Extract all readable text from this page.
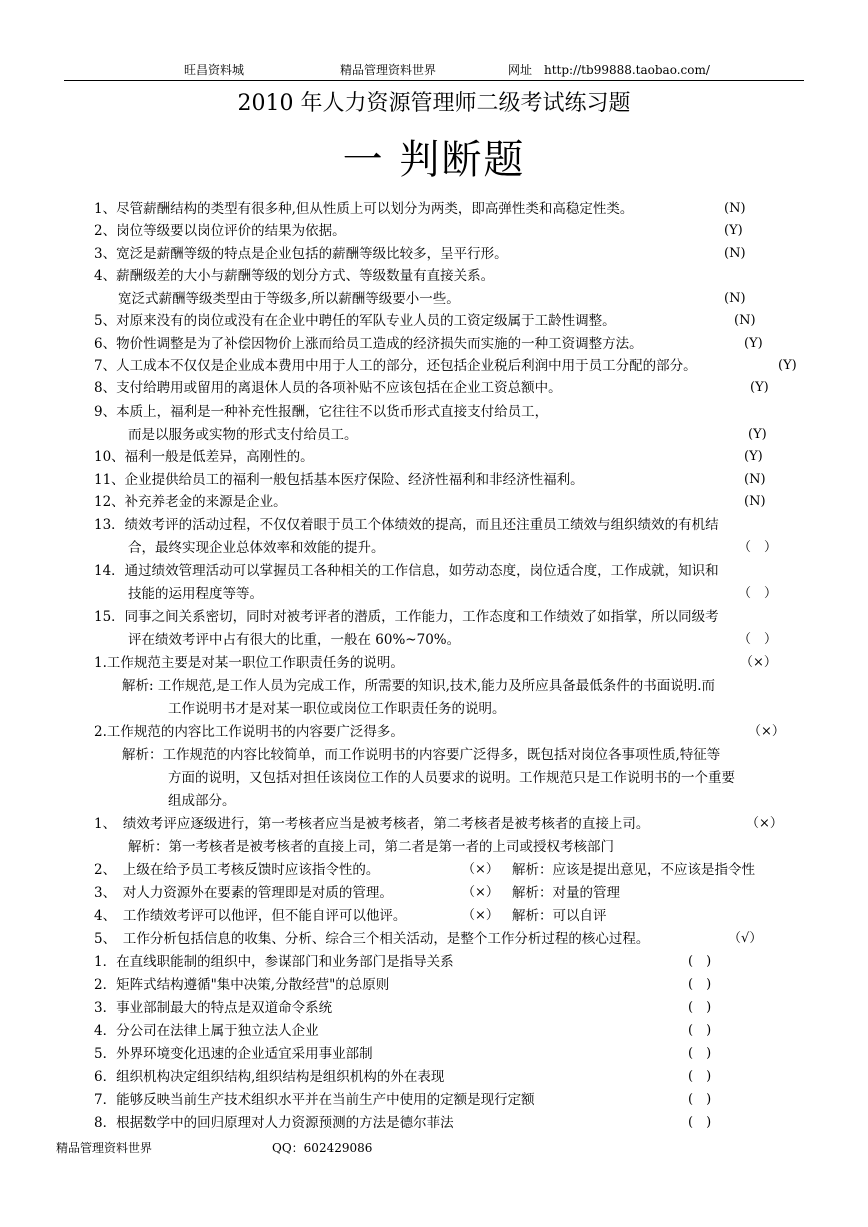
旺昌资料城	精品管理资料世界	网址 http://tb99888.taobao.com/
2010 年人力资源管理师二级考试练习题
一 判断题
1、尽管薪酬结构的类型有很多种,但从性质上可以划分为两类，即高弹性类和高稳定性类。	(N)
2、岗位等级要以岗位评价的结果为依据。	(Y)
3、宽泛是薪酬等级的特点是企业包括的薪酬等级比较多，呈平行形。	(N)
4、薪酬级差的大小与薪酬等级的划分方式、等级数量有直接关系。
宽泛式薪酬等级类型由于等级多,所以薪酬等级要小一些。	(N)
5、对原来没有的岗位或没有在企业中聘任的军队专业人员的工资定级属于工龄性调整。	(N)
6、物价性调整是为了补偿因物价上涨而给员工造成的经济损失而实施的一种工资调整方法。	(Y)
7、人工成本不仅仅是企业成本费用中用于人工的部分，还包括企业税后利润中用于员工分配的部分。	(Y)
8、支付给聘用或留用的离退休人员的各项补贴不应该包括在企业工资总额中。	(Y)
9、本质上，福利是一种补充性报酬，它往往不以货币形式直接支付给员工，
而是以服务或实物的形式支付给员工。	(Y)
10、福利一般是低差异，高刚性的。	(Y)
11、企业提供给员工的福利一般包括基本医疗保险、经济性福利和非经济性福利。	(N)
12、补充养老金的来源是企业。	(N)
13．绩效考评的活动过程，不仅仅着眼于员工个体绩效的提高，而且还注重员工绩效与组织绩效的有机结
合，最终实现企业总体效率和效能的提升。	（　）
14．通过绩效管理活动可以掌握员工各种相关的工作信息，如劳动态度，岗位适合度，工作成就，知识和
技能的运用程度等等。	（　）
15．同事之间关系密切，同时对被考评者的潜质，工作能力，工作态度和工作绩效了如指掌，所以同级考
评在绩效考评中占有很大的比重，一般在 60%~70%。	（　）
1.工作规范主要是对某一职位工作职责任务的说明。	（×）
解析: 工作规范,是工作人员为完成工作，所需要的知识,技术,能力及所应具备最低条件的书面说明.而
工作说明书才是对某一职位或岗位工作职责任务的说明。
2.工作规范的内容比工作说明书的内容要广泛得多。	（×）
解析：工作规范的内容比较简单，而工作说明书的内容要广泛得多，既包括对岗位各事项性质,特征等
方面的说明，又包括对担任该岗位工作的人员要求的说明。工作规范只是工作说明书的一个重要
组成部分。
1、　绩效考评应逐级进行，第一考核者应当是被考核者，第二考核者是被考核者的直接上司。	（×）
解析：第一考核者是被考核者的直接上司，第二者是第一者的上司或授权考核部门
2、　上级在给予员工考核反馈时应该指令性的。	（×） 解析：应该是提出意见，不应该是指令性
3、　对人力资源外在要素的管理即是对质的管理。	（×） 解析：对量的管理
4、　工作绩效考评可以他评，但不能自评可以他评。	（×） 解析：可以自评
5、　工作分析包括信息的收集、分析、综合三个相关活动，是整个工作分析过程的核心过程。	（√）
1．在直线职能制的组织中，参谋部门和业务部门是指导关系	(　)
2．矩阵式结构遵循"集中决策,分散经营"的总原则	(　)
3．事业部制最大的特点是双道命令系统	(　)
4．分公司在法律上属于独立法人企业	(　)
5．外界环境变化迅速的企业适宜采用事业部制	(　)
6．组织机构决定组织结构,组织结构是组织机构的外在表现	(　)
7．能够反映当前生产技术组织水平并在当前生产中使用的定额是现行定额	(　)
8．根据数学中的回归原理对人力资源预测的方法是德尔菲法	(　)
精品管理资料世界	QQ：602429086
